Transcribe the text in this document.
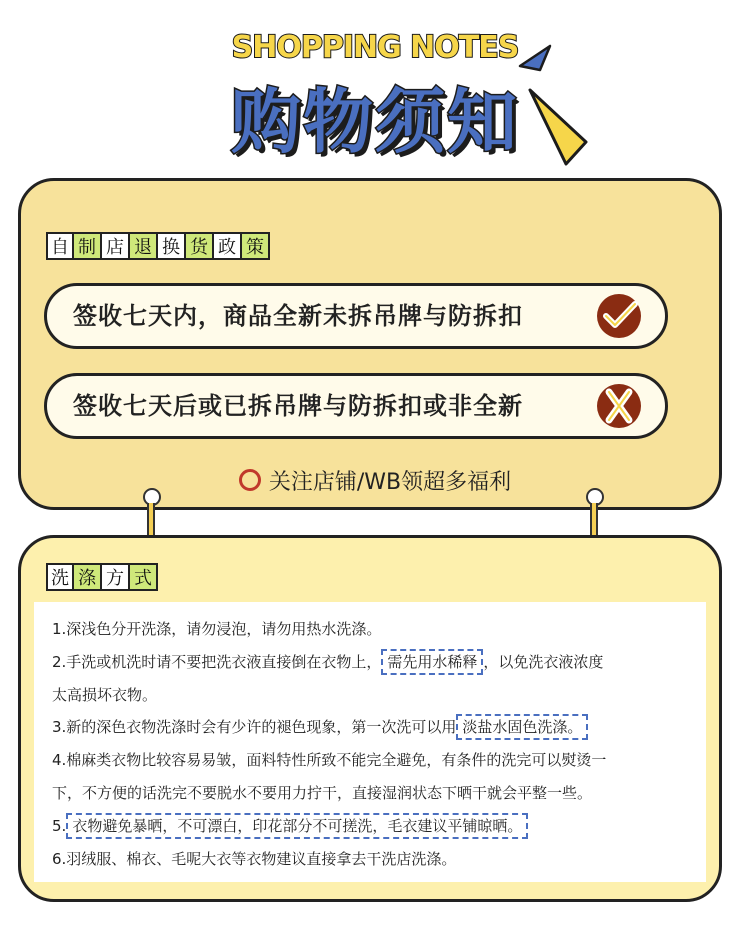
SHOPPING NOTES
购物须知
自 制 店 退 换 货 政 策
签收七天内，商品全新未拆吊牌与防拆扣
签收七天后或已拆吊牌与防拆扣或非全新
关注店铺/WB领超多福利
洗 涤 方 式
1.深浅色分开洗涤，请勿浸泡，请勿用热水洗涤。
2.手洗或机洗时请不要把洗衣液直接倒在衣物上， 需先用水稀释 ，以免洗衣液浓度
太高损坏衣物。
3.新的深色衣物洗涤时会有少许的褪色现象，第一次洗可以用 淡盐水固色洗涤。
4.棉麻类衣物比较容易易皱，面料特性所致不能完全避免，有条件的洗完可以熨烫一
下，不方便的话洗完不要脱水不要用力拧干，直接湿润状态下晒干就会平整一些。
5. 衣物避免暴晒，不可漂白，印花部分不可搓洗，毛衣建议平铺晾晒。
6.羽绒服、棉衣、毛呢大衣等衣物建议直接拿去干洗店洗涤。
